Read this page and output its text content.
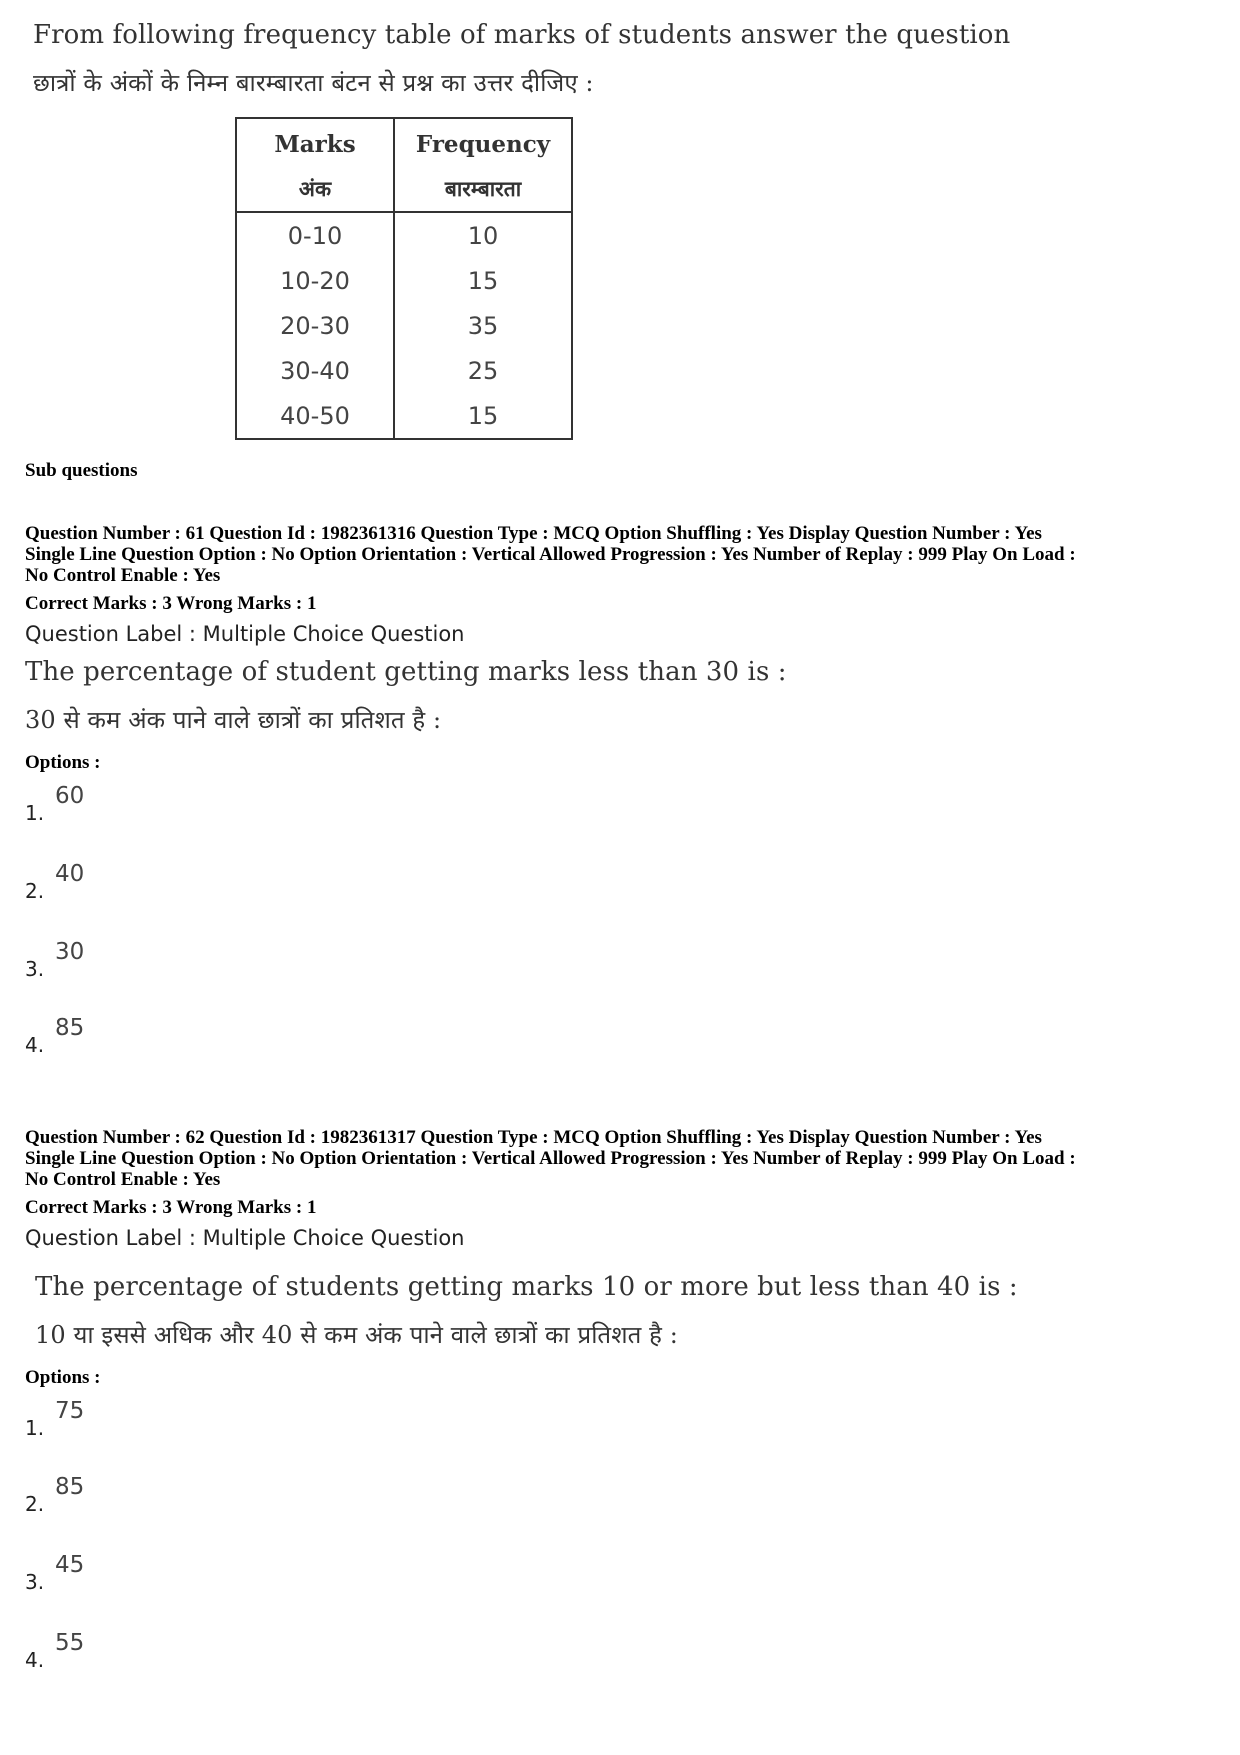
From following frequency table of marks of students answer the question
छात्रों के अंकों के निम्न बारम्बारता बंटन से प्रश्न का उत्तर दीजिए :
Marks	Frequency
अंक	बारम्बारता
0-10	10
10-20	15
20-30	35
30-40	25
40-50	15
Sub questions
Question Number : 61 Question Id : 1982361316 Question Type : MCQ Option Shuffling : Yes Display Question Number : Yes
Single Line Question Option : No Option Orientation : Vertical Allowed Progression : Yes Number of Replay : 999 Play On Load :
No Control Enable : Yes
Correct Marks : 3 Wrong Marks : 1
Question Label : Multiple Choice Question
The percentage of student getting marks less than 30 is :
30 से कम अंक पाने वाले छात्रों का प्रतिशत है :
Options :
1.
60
2.
40
3.
30
4.
85
Question Number : 62 Question Id : 1982361317 Question Type : MCQ Option Shuffling : Yes Display Question Number : Yes
Single Line Question Option : No Option Orientation : Vertical Allowed Progression : Yes Number of Replay : 999 Play On Load :
No Control Enable : Yes
Correct Marks : 3 Wrong Marks : 1
Question Label : Multiple Choice Question
The percentage of students getting marks 10 or more but less than 40 is :
10 या इससे अधिक और 40 से कम अंक पाने वाले छात्रों का प्रतिशत है :
Options :
1.
75
2.
85
3.
45
4.
55
